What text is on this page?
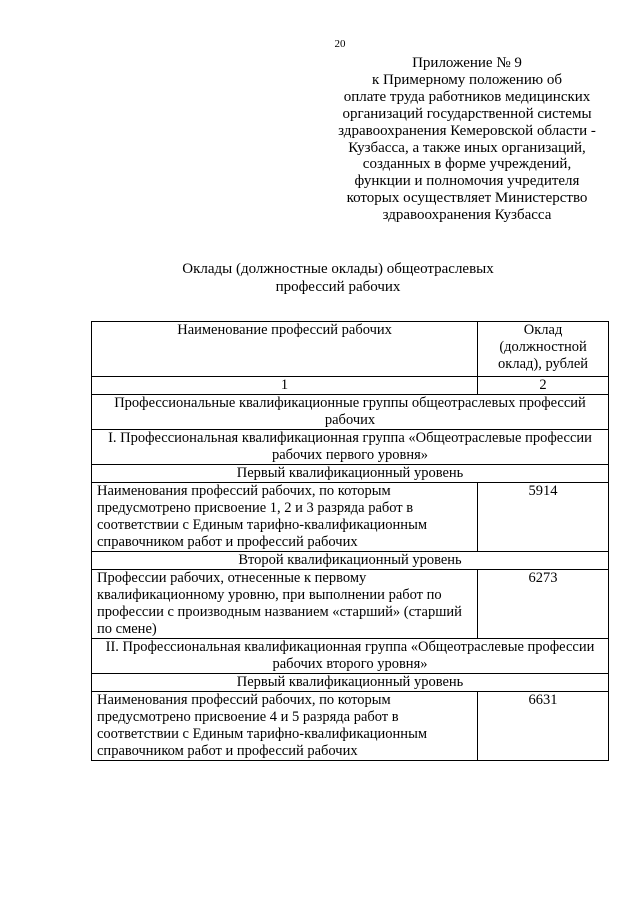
20
Приложение № 9
к Примерному положению об
оплате труда работников медицинских
организаций государственной системы
здравоохранения Кемеровской области -
Кузбасса, а также иных организаций,
созданных в форме учреждений,
функции и полномочия учредителя
которых осуществляет Министерство
здравоохранения Кузбасса
Оклады (должностные оклады) общеотраслевых
профессий рабочих
Наименование профессий рабочих	Оклад
(должностной
оклад), рублей

1	2
Профессиональные квалификационные группы общеотраслевых профессий рабочих	
I. Профессиональная квалификационная группа «Общеотраслевые профессии рабочих первого уровня»	
Первый квалификационный уровень	
Наименования профессий рабочих, по которым предусмотрено присвоение 1, 2 и 3 разряда работ в соответствии с Единым тарифно-квалификационным справочником работ и профессий рабочих	5914
Второй квалификационный уровень	
Профессии рабочих, отнесенные к первому квалификационному уровню, при выполнении работ по профессии с производным названием «старший» (старший по смене)	6273
II. Профессиональная квалификационная группа «Общеотраслевые профессии рабочих второго уровня»	
Первый квалификационный уровень	
Наименования профессий рабочих, по которым предусмотрено присвоение 4 и 5 разряда работ в соответствии с Единым тарифно-квалификационным справочником работ и профессий рабочих	6631
